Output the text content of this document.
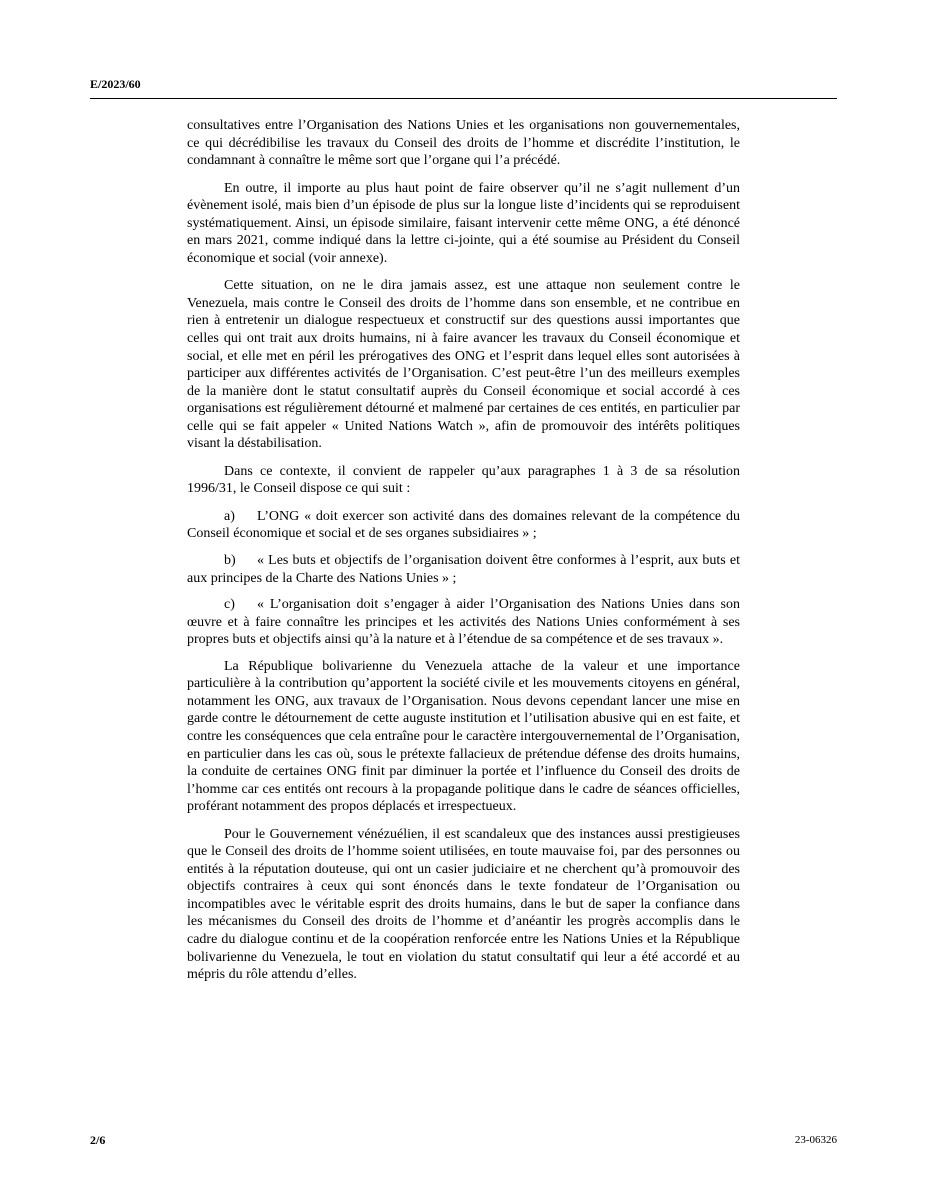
E/2023/60

consultatives entre l’Organisation des Nations Unies et les organisations non gouvernementales, ce qui décrédibilise les travaux du Conseil des droits de l’homme et discrédite l’institution, le condamnant à connaître le même sort que l’organe qui l’a précédé.

En outre, il importe au plus haut point de faire observer qu’il ne s’agit nullement d’un évènement isolé, mais bien d’un épisode de plus sur la longue liste d’incidents qui se reproduisent systématiquement. Ainsi, un épisode similaire, faisant intervenir cette même ONG, a été dénoncé en mars 2021, comme indiqué dans la lettre ci-jointe, qui a été soumise au Président du Conseil économique et social (voir annexe).

Cette situation, on ne le dira jamais assez, est une attaque non seulement contre le Venezuela, mais contre le Conseil des droits de l’homme dans son ensemble, et ne contribue en rien à entretenir un dialogue respectueux et constructif sur des questions aussi importantes que celles qui ont trait aux droits humains, ni à faire avancer les travaux du Conseil économique et social, et elle met en péril les prérogatives des ONG et l’esprit dans lequel elles sont autorisées à participer aux différentes activités de l’Organisation. C’est peut-être l’un des meilleurs exemples de la manière dont le statut consultatif auprès du Conseil économique et social accordé à ces organisations est régulièrement détourné et malmené par certaines de ces entités, en particulier par celle qui se fait appeler « United Nations Watch », afin de promouvoir des intérêts politiques visant la déstabilisation.

Dans ce contexte, il convient de rappeler qu’aux paragraphes 1 à 3 de sa résolution 1996/31, le Conseil dispose ce qui suit :

a) L’ONG « doit exercer son activité dans des domaines relevant de la compétence du Conseil économique et social et de ses organes subsidiaires » ;

b) « Les buts et objectifs de l’organisation doivent être conformes à l’esprit, aux buts et aux principes de la Charte des Nations Unies » ;

c) « L’organisation doit s’engager à aider l’Organisation des Nations Unies dans son œuvre et à faire connaître les principes et les activités des Nations Unies conformément à ses propres buts et objectifs ainsi qu’à la nature et à l’étendue de sa compétence et de ses travaux ».

La République bolivarienne du Venezuela attache de la valeur et une importance particulière à la contribution qu’apportent la société civile et les mouvements citoyens en général, notamment les ONG, aux travaux de l’Organisation. Nous devons cependant lancer une mise en garde contre le détournement de cette auguste institution et l’utilisation abusive qui en est faite, et contre les conséquences que cela entraîne pour le caractère intergouvernemental de l’Organisation, en particulier dans les cas où, sous le prétexte fallacieux de prétendue défense des droits humains, la conduite de certaines ONG finit par diminuer la portée et l’influence du Conseil des droits de l’homme car ces entités ont recours à la propagande politique dans le cadre de séances officielles, proférant notamment des propos déplacés et irrespectueux.

Pour le Gouvernement vénézuélien, il est scandaleux que des instances aussi prestigieuses que le Conseil des droits de l’homme soient utilisées, en toute mauvaise foi, par des personnes ou entités à la réputation douteuse, qui ont un casier judiciaire et ne cherchent qu’à promouvoir des objectifs contraires à ceux qui sont énoncés dans le texte fondateur de l’Organisation ou incompatibles avec le véritable esprit des droits humains, dans le but de saper la confiance dans les mécanismes du Conseil des droits de l’homme et d’anéantir les progrès accomplis dans le cadre du dialogue continu et de la coopération renforcée entre les Nations Unies et la République bolivarienne du Venezuela, le tout en violation du statut consultatif qui leur a été accordé et au mépris du rôle attendu d’elles.

2/6	23-06326
